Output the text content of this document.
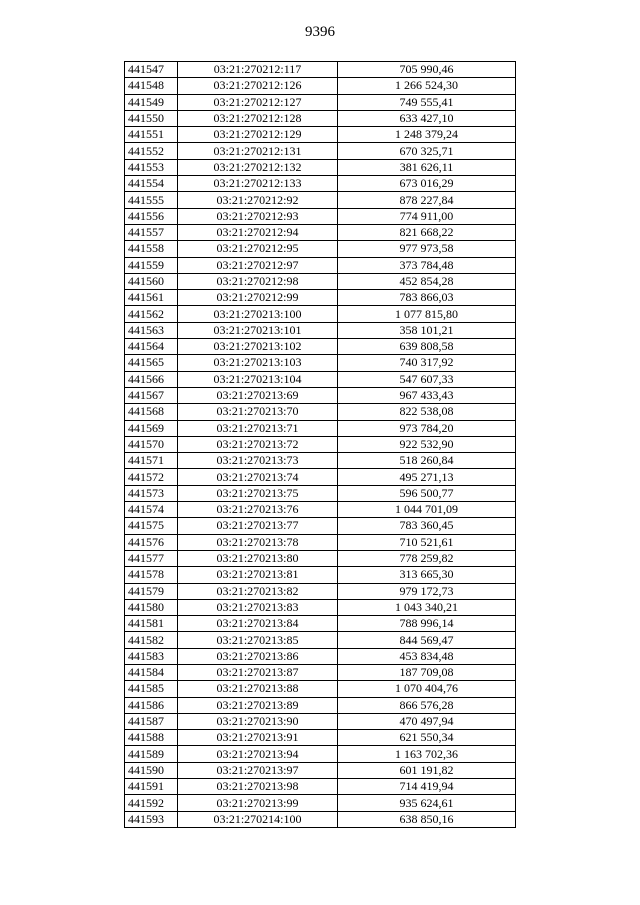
9396
441547	03:21:270212:117	705 990,46
441548	03:21:270212:126	1 266 524,30
441549	03:21:270212:127	749 555,41
441550	03:21:270212:128	633 427,10
441551	03:21:270212:129	1 248 379,24
441552	03:21:270212:131	670 325,71
441553	03:21:270212:132	381 626,11
441554	03:21:270212:133	673 016,29
441555	03:21:270212:92	878 227,84
441556	03:21:270212:93	774 911,00
441557	03:21:270212:94	821 668,22
441558	03:21:270212:95	977 973,58
441559	03:21:270212:97	373 784,48
441560	03:21:270212:98	452 854,28
441561	03:21:270212:99	783 866,03
441562	03:21:270213:100	1 077 815,80
441563	03:21:270213:101	358 101,21
441564	03:21:270213:102	639 808,58
441565	03:21:270213:103	740 317,92
441566	03:21:270213:104	547 607,33
441567	03:21:270213:69	967 433,43
441568	03:21:270213:70	822 538,08
441569	03:21:270213:71	973 784,20
441570	03:21:270213:72	922 532,90
441571	03:21:270213:73	518 260,84
441572	03:21:270213:74	495 271,13
441573	03:21:270213:75	596 500,77
441574	03:21:270213:76	1 044 701,09
441575	03:21:270213:77	783 360,45
441576	03:21:270213:78	710 521,61
441577	03:21:270213:80	778 259,82
441578	03:21:270213:81	313 665,30
441579	03:21:270213:82	979 172,73
441580	03:21:270213:83	1 043 340,21
441581	03:21:270213:84	788 996,14
441582	03:21:270213:85	844 569,47
441583	03:21:270213:86	453 834,48
441584	03:21:270213:87	187 709,08
441585	03:21:270213:88	1 070 404,76
441586	03:21:270213:89	866 576,28
441587	03:21:270213:90	470 497,94
441588	03:21:270213:91	621 550,34
441589	03:21:270213:94	1 163 702,36
441590	03:21:270213:97	601 191,82
441591	03:21:270213:98	714 419,94
441592	03:21:270213:99	935 624,61
441593	03:21:270214:100	638 850,16
